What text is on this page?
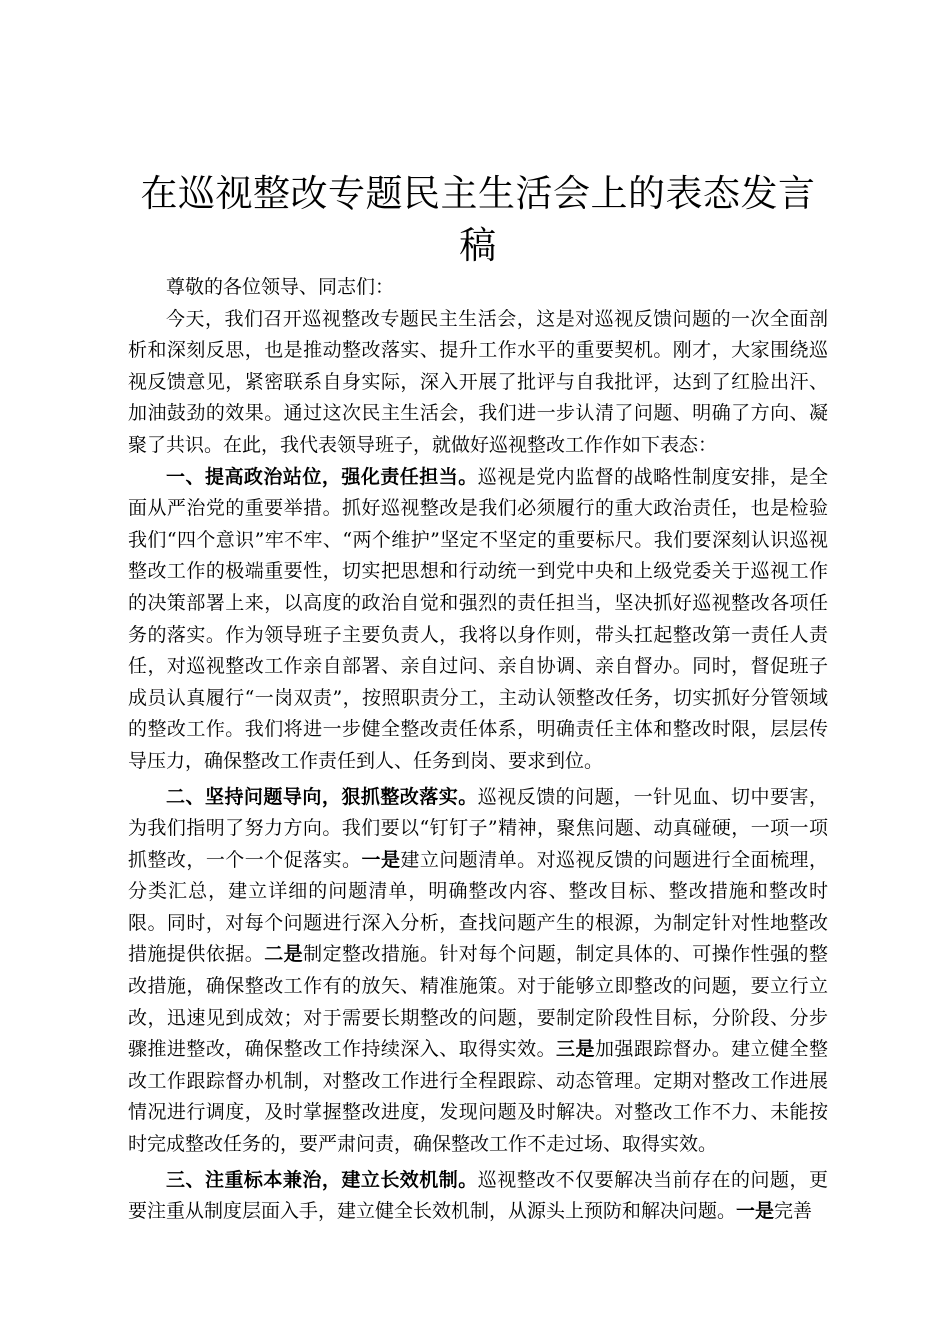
在巡视整改专题民主生活会上的表态发言稿

尊敬的各位领导、同志们：

今天，我们召开巡视整改专题民主生活会，这是对巡视反馈问题的一次全面剖析和深刻反思，也是推动整改落实、提升工作水平的重要契机。刚才，大家围绕巡视反馈意见，紧密联系自身实际，深入开展了批评与自我批评，达到了红脸出汗、加油鼓劲的效果。通过这次民主生活会，我们进一步认清了问题、明确了方向、凝聚了共识。在此，我代表领导班子，就做好巡视整改工作作如下表态：

一、提高政治站位，强化责任担当。巡视是党内监督的战略性制度安排，是全面从严治党的重要举措。抓好巡视整改是我们必须履行的重大政治责任，也是检验我们“四个意识”牢不牢、“两个维护”坚定不坚定的重要标尺。我们要深刻认识巡视整改工作的极端重要性，切实把思想和行动统一到党中央和上级党委关于巡视工作的决策部署上来，以高度的政治自觉和强烈的责任担当，坚决抓好巡视整改各项任务的落实。作为领导班子主要负责人，我将以身作则，带头扛起整改第一责任人责任，对巡视整改工作亲自部署、亲自过问、亲自协调、亲自督办。同时，督促班子成员认真履行“一岗双责”，按照职责分工，主动认领整改任务，切实抓好分管领域的整改工作。我们将进一步健全整改责任体系，明确责任主体和整改时限，层层传导压力，确保整改工作责任到人、任务到岗、要求到位。

二、坚持问题导向，狠抓整改落实。巡视反馈的问题，一针见血、切中要害，为我们指明了努力方向。我们要以“钉钉子”精神，聚焦问题、动真碰硬，一项一项抓整改，一个一个促落实。一是建立问题清单。对巡视反馈的问题进行全面梳理，分类汇总，建立详细的问题清单，明确整改内容、整改目标、整改措施和整改时限。同时，对每个问题进行深入分析，查找问题产生的根源，为制定针对性地整改措施提供依据。二是制定整改措施。针对每个问题，制定具体的、可操作性强的整改措施，确保整改工作有的放矢、精准施策。对于能够立即整改的问题，要立行立改，迅速见到成效；对于需要长期整改的问题，要制定阶段性目标，分阶段、分步骤推进整改，确保整改工作持续深入、取得实效。三是加强跟踪督办。建立健全整改工作跟踪督办机制，对整改工作进行全程跟踪、动态管理。定期对整改工作进展情况进行调度，及时掌握整改进度，发现问题及时解决。对整改工作不力、未能按时完成整改任务的，要严肃问责，确保整改工作不走过场、取得实效。

三、注重标本兼治，建立长效机制。巡视整改不仅要解决当前存在的问题，更要注重从制度层面入手，建立健全长效机制，从源头上预防和解决问题。一是完善
